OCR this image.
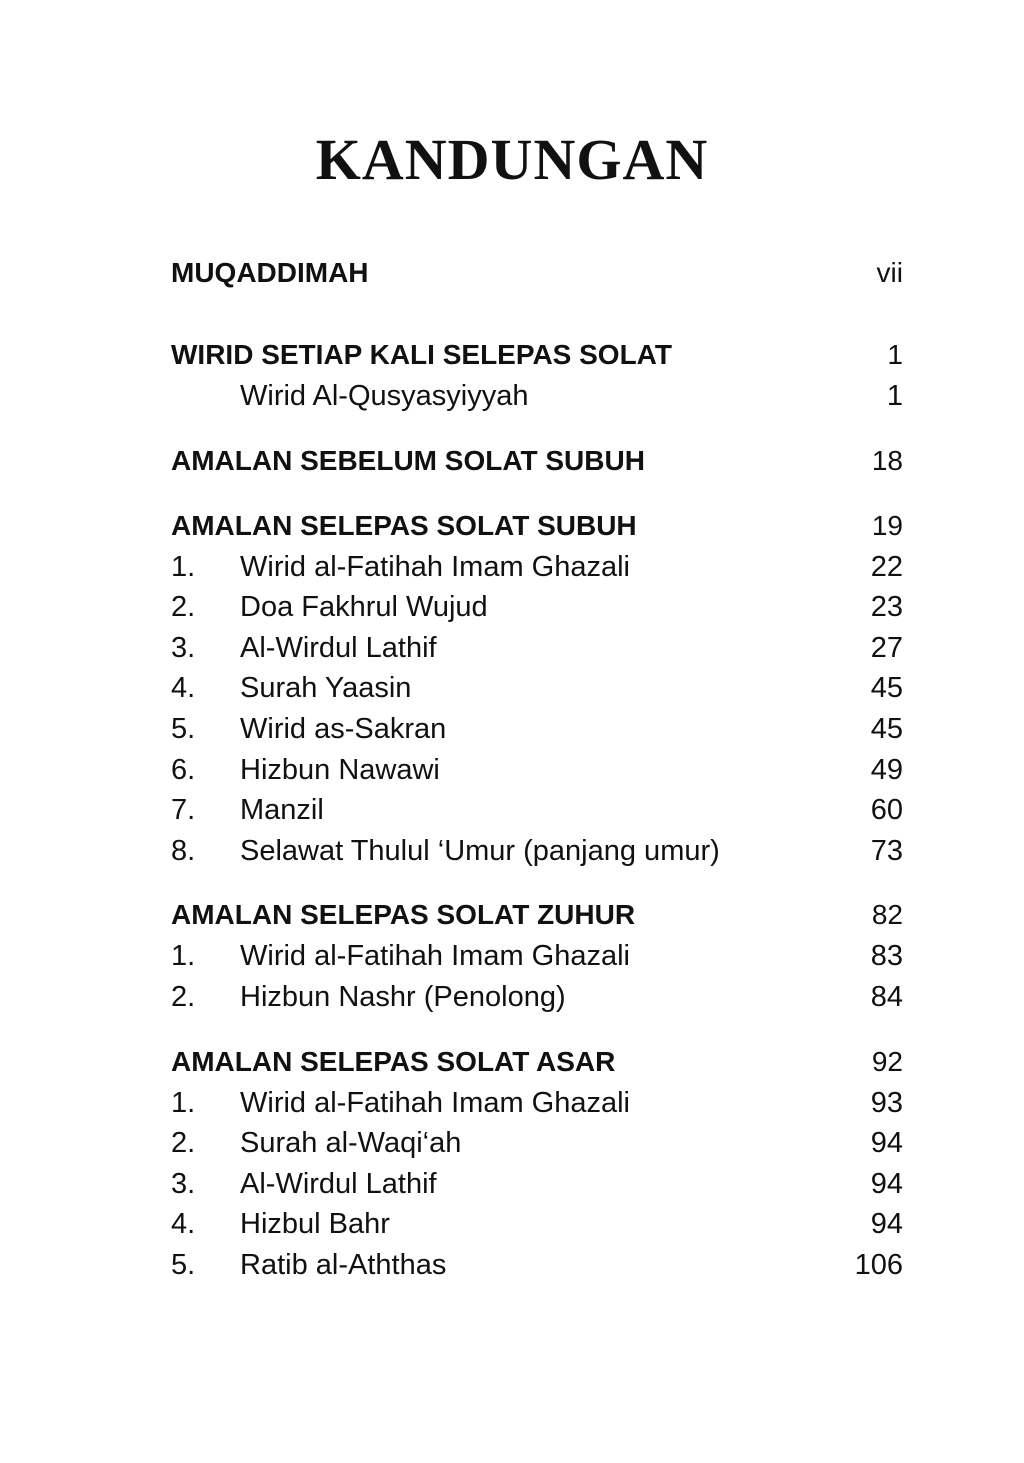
KANDUNGAN
MUQADDIMAH	vii
WIRID SETIAP KALI SELEPAS SOLAT	1
Wirid Al-Qusyasyiyyah	1
AMALAN SEBELUM SOLAT SUBUH	18
AMALAN SELEPAS SOLAT SUBUH	19
1.	Wirid al-Fatihah Imam Ghazali	22
2.	Doa Fakhrul Wujud	23
3.	Al-Wirdul Lathif	27
4.	Surah Yaasin	45
5.	Wirid as-Sakran	45
6.	Hizbun Nawawi	49
7.	Manzil	60
8.	Selawat Thulul ‘Umur (panjang umur)	73
AMALAN SELEPAS SOLAT ZUHUR	82
1.	Wirid al-Fatihah Imam Ghazali	83
2.	Hizbun Nashr (Penolong)	84
AMALAN SELEPAS SOLAT ASAR	92
1.	Wirid al-Fatihah Imam Ghazali	93
2.	Surah al-Waqi‘ah	94
3.	Al-Wirdul Lathif	94
4.	Hizbul Bahr	94
5.	Ratib al-Aththas	106
